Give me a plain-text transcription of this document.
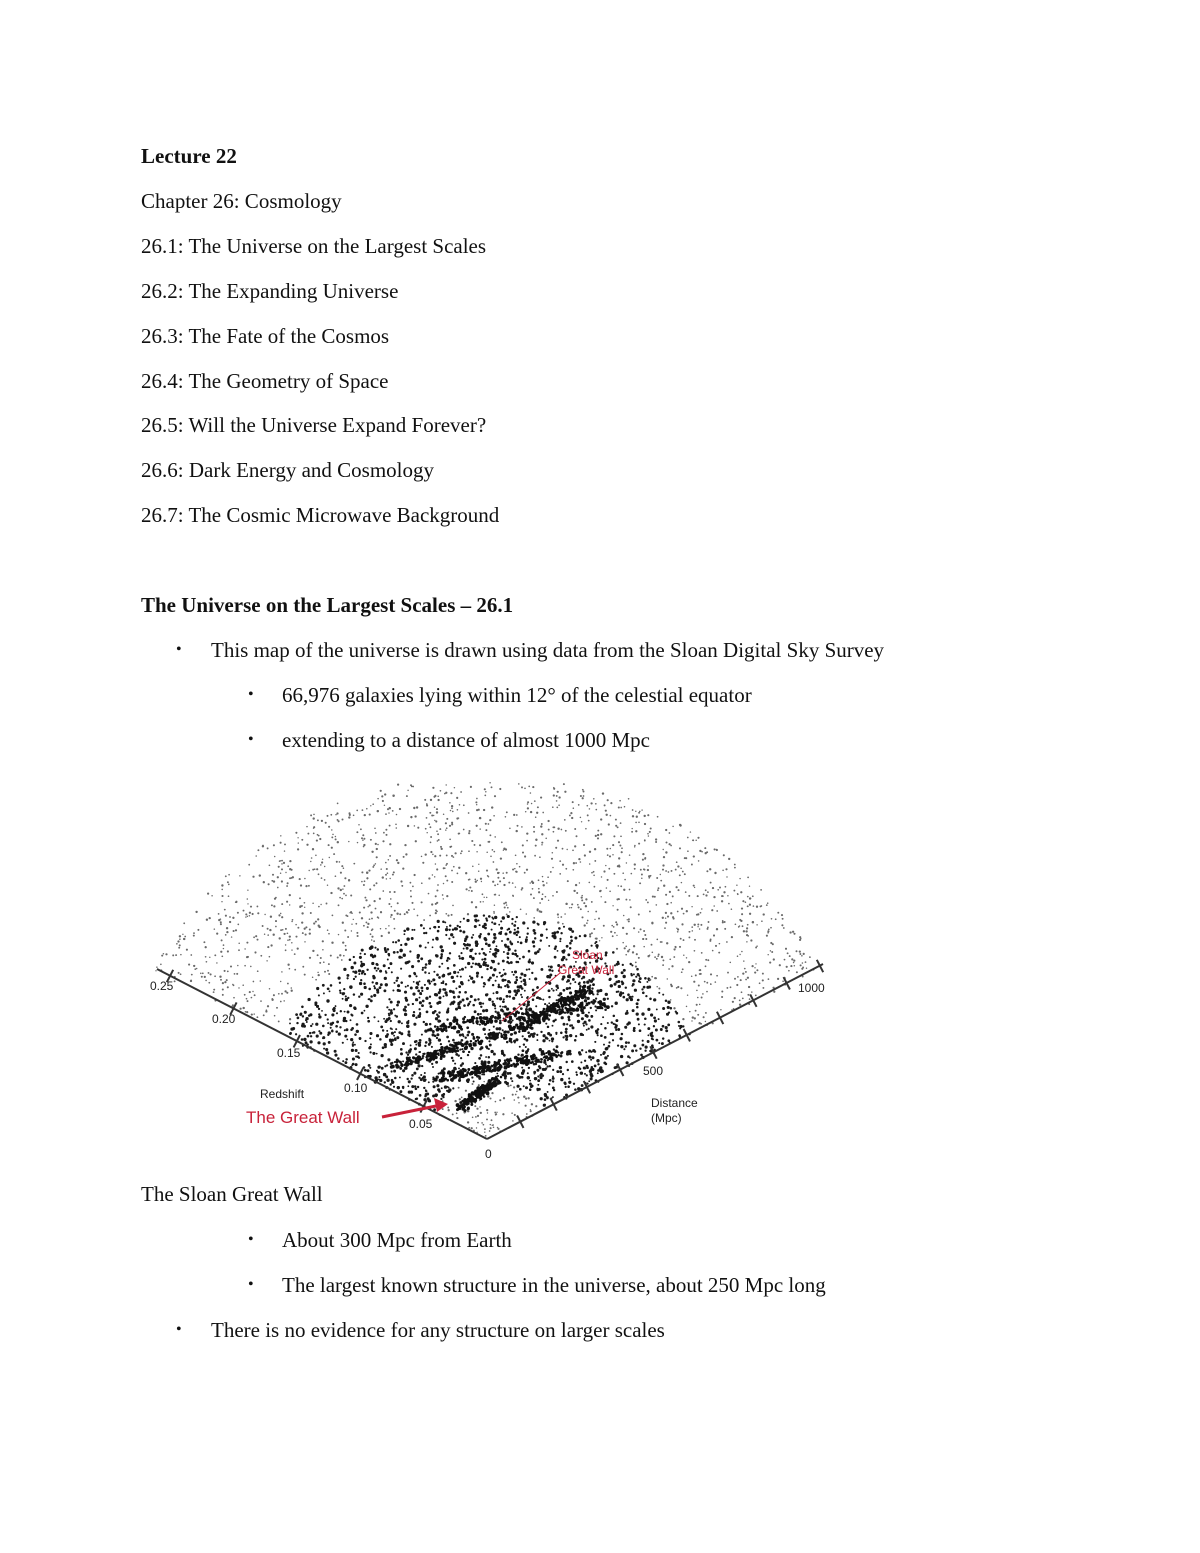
Lecture 22
Chapter 26: Cosmology
26.1: The Universe on the Largest Scales
26.2: The Expanding Universe
26.3: The Fate of the Cosmos
26.4: The Geometry of Space
26.5: Will the Universe Expand Forever?
26.6: Dark Energy and Cosmology
26.7: The Cosmic Microwave Background
The Universe on the Largest Scales – 26.1
• This map of the universe is drawn using data from the Sloan Digital Sky Survey
• 66,976 galaxies lying within 12° of the celestial equator
• extending to a distance of almost 1000 Mpc
0.25
0.20
0.15
0.10
0.05
Redshift
500
1000
Distance
(Mpc)
0
Sloan
Great Wall
The Great Wall
The Sloan Great Wall
• About 300 Mpc from Earth
• The largest known structure in the universe, about 250 Mpc long
• There is no evidence for any structure on larger scales
